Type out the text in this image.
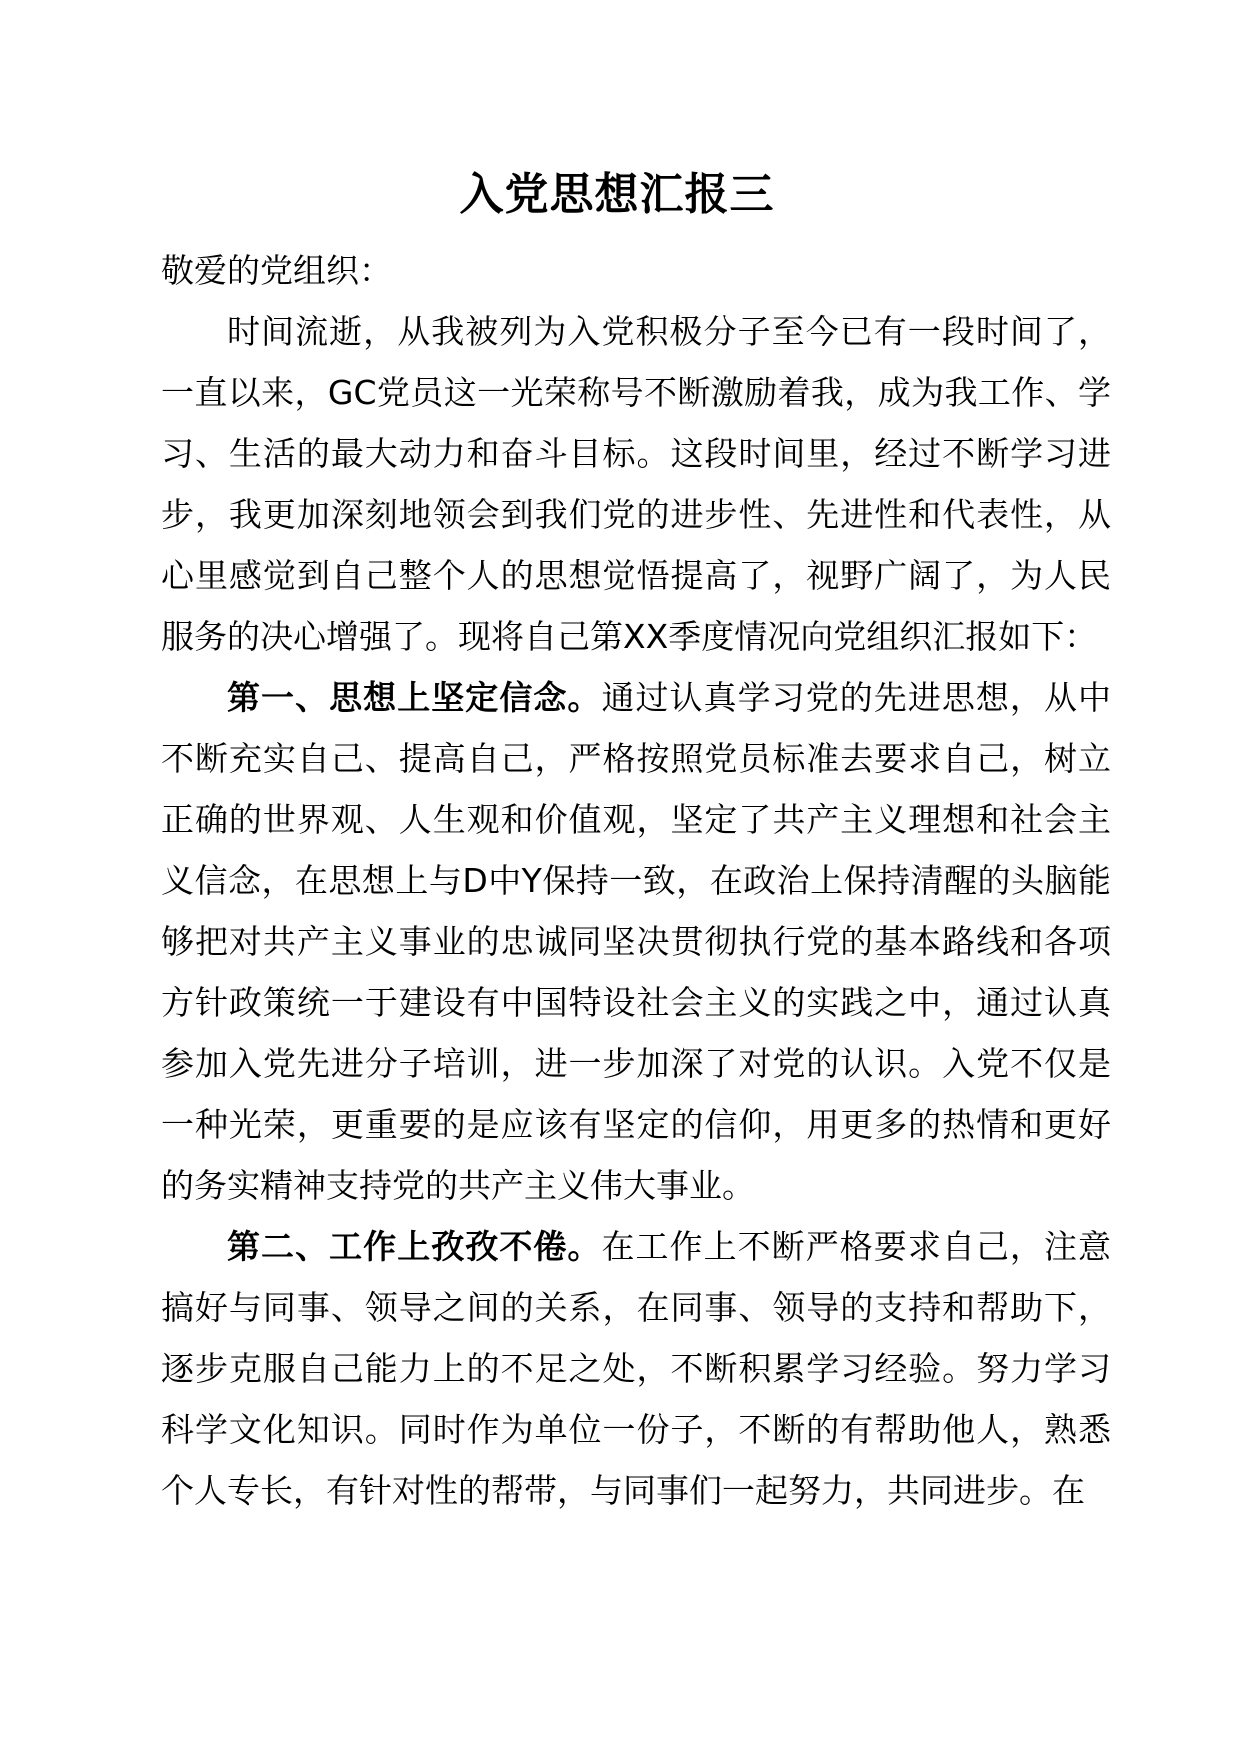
入党思想汇报三

敬爱的党组织：

时间流逝，从我被列为入党积极分子至今已有一段时间了，一直以来，GC党员这一光荣称号不断激励着我，成为我工作、学习、生活的最大动力和奋斗目标。这段时间里，经过不断学习进步，我更加深刻地领会到我们党的进步性、先进性和代表性，从心里感觉到自己整个人的思想觉悟提高了，视野广阔了，为人民服务的决心增强了。现将自己第XX季度情况向党组织汇报如下：

第一、思想上坚定信念。通过认真学习党的先进思想，从中不断充实自己、提高自己，严格按照党员标准去要求自己，树立正确的世界观、人生观和价值观，坚定了共产主义理想和社会主义信念，在思想上与D中Y保持一致，在政治上保持清醒的头脑能够把对共产主义事业的忠诚同坚决贯彻执行党的基本路线和各项方针政策统一于建设有中国特设社会主义的实践之中，通过认真参加入党先进分子培训，进一步加深了对党的认识。入党不仅是一种光荣，更重要的是应该有坚定的信仰，用更多的热情和更好的务实精神支持党的共产主义伟大事业。

第二、工作上孜孜不倦。在工作上不断严格要求自己，注意搞好与同事、领导之间的关系，在同事、领导的支持和帮助下，逐步克服自己能力上的不足之处，不断积累学习经验。努力学习科学文化知识。同时作为单位一份子，不断的有帮助他人，熟悉个人专长，有针对性的帮带，与同事们一起努力，共同进步。在
